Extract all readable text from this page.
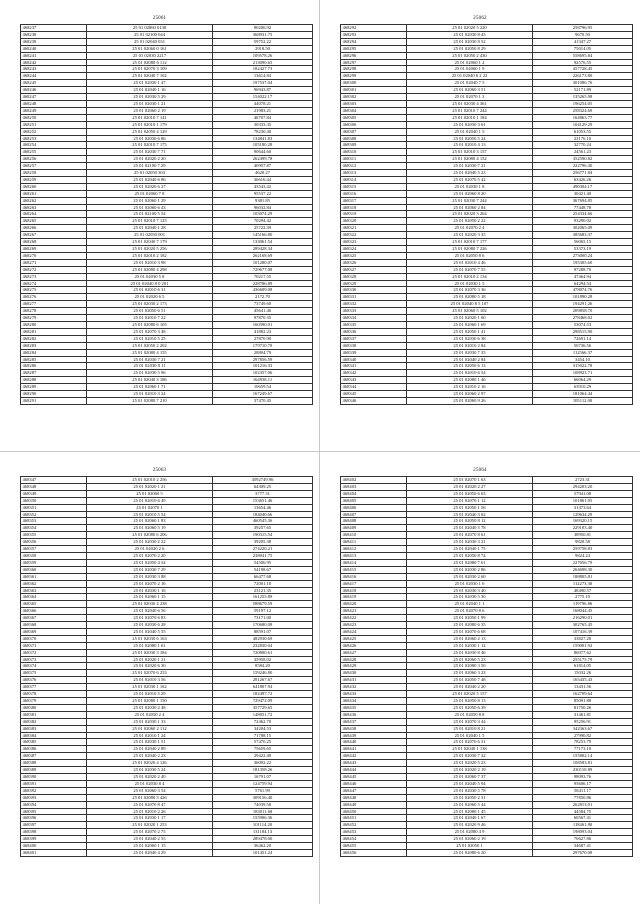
25061
468237	25 01 02060 0138	90206.92
468238	25 01 02100 044	368931.75
468239	25 01 02040 031	59752.22
468240	25 01 02060 0 161	2918.50
468241	25 01 02030 2217	109578.26
468242	25 01 02080 6 112	213090.65
468243	25 01 02070 3 109	182427.73
468244	25 01 02040 7 102	13614.84
468245	25 01 02030 1 47	197537.04
468246	25 01 02040 1 16	96943.87
468247	25 01 02030 5 29	154022.17
468248	25 01 02030 1 21	44078.21
468249	25 01 02060 2 19	21983.21
468250	25 01 02010 7 141	46707.84
468251	25 01 02010 1 179	30333.35
468252	25 01 02050 4 129	78230.40
468253	25 01 02030 6 86	134841.83
468254	25 01 02010 7 175	105180.28
468255	25 01 02030 7 71	90644.60
468256	25 01 02020 2 20	262499.78
468257	25 01 02100 7 29	40957.87
468258	25 01 02050 303	4620.27
468259	25 01 02040 6 86	36616.44
468260	25 01 02020 6 27	43543.42
468261	25 01 02060 7 8	95537.22
468262	25 01 02060 1 29	9381.85
468263	25 01 02060 6 43	96032.84
468264	25 01 02100 5 54	103074.29
468265	25 01 02010 7 125	70294.42
468266	25 01 02040 1 28	25722.39
468267	25 01 02050 001	145166.80
468268	25 01 02040 7 179	133061.54
468269	25 01 02020 5 256	289428.34
468270	25 01 02010 2 182	262168.69
468271	25 01 02010 3 98	101280.07
468272	25 01 02080 4 298	729677.08
468273	25 01 02030 5 8	70217.55
468274	25 01 02040 8 0 201	228786.89
468275	25 01 02010 6 31	436609.08
468276	25 01 02020 6 5	2172.70
468277	25 01 02030 2 173	73749.60
468278	25 01 02050 6 51	45641.46
468279	25 01 02010 7 22	97870.35
468280	25 01 02080 6 105	160390.01
468281	25 01 02070 3 48	41882.23
468282	25 01 02010 5 25	27870.90
468283	25 01 02050 2 202	179710.79
468284	25 01 02080 4 155	28804.79
468285	25 01 02030 7 21	297856.59
468286	25 01 02030 8 11	101216.33
468287	25 01 02030 5 96	102357.06
468288	25 01 02040 3 186	164938.11
468289	25 01 02060 1 71	10659.54
468290	25 01 02010 3 24	167249.67
468291	25 01 02080 7 210	37470.45
25062
468292	25 01 02020 5 220	258796.95
468293	25 01 02030 8 45	9670.50
468294	25 01 02030 8 52	41347.27
468295	25 01 02050 8 29	75014.05
468296	25 01 02050 2 430	558695.84
468297	25 01 02060 1 2	92576.55
468298	25 01 02060 1 9	457728.45
468299	25 01 02040 6 2 22	226173.80
468300	25 01 02040 7 5	301086.76
468301	25 01 02060 3 51	52171.89
468302	25 01 02070 1 3	135265.98
468303	25 01 02030 4 361	196254.05
468304	25 01 02010 7 244	258324.69
468305	25 01 02010 1 184	164863.77
468306	25 01 02030 3 61	104129.29
468307	25 01 02040 1 5	61053.55
468308	25 01 02050 5 24	23176.10
468309	25 01 02010 4 13	32770.24
468310	25 01 02010 3 157	24561.23
468311	25 01 02080 4 152	352590.82
468312	25 01 02030 7 21	222796.30
468313	25 01 02040 5 23	256771.84
468314	25 01 02070 5 42	63426.26
468315	25 01 02030 1 8	490304.17
468316	25 01 02060 8 20	30421.40
468317	25 01 02030 7 244	367694.85
468318	25 01 02060 2 84	77448.78
468319	25 01 02020 3 264	254334.66
468320	25 01 02050 2 22	93290.02
468321	25 01 02070 2 4	302065.09
468322	25 01 02020 3 35	385683.37
468323	25 01 02010 7 177	56065.15
468324	25 01 02080 7 226	53373.19
468325	25 01 02050 8 6	273000.24
468326	25 01 02010 4 46	195305.60
468327	25 01 02070 7 55	97288.79
468328	25 01 02010 2 134	47464.94
468329	25 01 02030 1 5	64294.54
468330	25 01 02070 3 36	478074.76
468331	25 01 02080 5 18	101890.28
468332	25 01 02040 8 5 107	194291.26
468333	25 01 02060 5 102	209858.70
468334	25 01 02020 1 60	278468.02
468335	25 01 02060 1 69	53074.53
468336	25 01 02050 1 41	298515.90
468337	25 01 02030 6 38	72691.14
468338	25 01 02010 2 84	50736.56
468339	25 01 02030 7 35	112566.37
468340	25 01 02040 2 84	3454.10
468341	25 01 02050 6 13	315022.78
468342	25 01 02010 6 54	108923.71
468343	25 01 02080 1 46	66064.29
468344	25 01 02010 2 16	63910.29
468345	25 01 02060 2 97	181064.44
468346	25 01 02060 9 26	105112.00
25063
468347	25 01 02010 2 256	4592749.96
468348	25 01 02020 1 21	64309.25
468349	25 01 02060 5	3777.31
468350	25 01 02010 6 49	153651.46
468351	25 01 02070 1	13654.46
468352	25 01 02010 5 54	184040.66
468353	25 01 02060 1 83	460545.36
468354	25 01 02060 5 19	39257.65
468355	25 01 02080 6 206	190315.54
468356	25 01 02030 2 22	39205.38
468357	25 01 02020 2 6	274220.21
468358	25 01 02070 2 20	238041.75
468359	25 01 02050 4 54	54506.95
468360	25 01 02030 7 29	54198.67
468361	25 01 02030 3 88	66477.68
468362	25 01 02070 2 16	72001.10
468363	25 01 02030 1 16	23121.35
468364	25 01 02060 1 15	161255.89
468365	25 01 02030 4 238	588679.59
468366	25 01 02040 6 56	59197.12
468367	25 01 02070 6 83	73171.00
468368	25 01 02030 6 28	170680.08
468369	25 01 02040 5 55	88591.07
468370	25 01 02030 6 163	482930.69
468371	25 01 02080 1 61	232830.04
468372	25 01 02030 3 184	720800.61
468373	25 01 02020 1 21	35958.02
468374	25 01 02020 6 30	8584.20
468375	25 01 02070 6 253	159246.80
468376	25 01 02010 3 56	281267.67
468377	25 01 02030 1 162	641807.94
468378	25 01 02010 5 29	182497.72
468379	25 01 02080 1 150	729472.09
468380	25 01 02030 2 48	357729.65
468381	25 01 02050 2 4	148051.72
468382	25 01 02030 1 33	72462.70
468383	25 01 02060 2 112	34204.53
468384	25 01 02010 1 24	71788.15
468385	25 01 02030 1 51	57470.25
468386	25 01 02040 2 89	75659.65
468387	25 01 02040 2 23	29422.49
468388	25 01 02020 4 126	36092.22
468389	25 01 02030 5 24	181358.26
468390	25 01 02020 2 40	16791.07
468391	25 01 02030 8 4	124759.94
468392	25 01 02060 3 54	5761.99
468393	25 01 02080 5 426	309156.40
468394	25 01 02070 8 47	74039.50
468395	25 01 02010 2 26	183011.68
468396	25 01 02030 1 17	155906.36
468397	25 01 02020 1 253	101114.20
468398	25 01 02070 2 75	131184.13
468399	25 01 02040 2 55	289478.00
468400	25 01 02060 1 15	36462.20
468401	25 01 02040 4 29	101451.24
25064
468402	25 01 02070 1 63	2723.31
468403	25 01 02020 2 27	294203.20
468404	25 01 02050 6 63	57941.08
468405	25 01 02070 1 12	101861.05
468406	25 01 02050 1 56	31473.64
468407	25 01 02040 3 62	129634.29
468408	25 01 02050 8 12	169320.15
468409	25 01 02040 5 78	229103.40
468410	25 01 02070 8 61	38950.81
468411	25 01 02030 3 21	9820.58
468412	25 01 02040 1 75	259758.83
468413	25 01 02050 8 74	9824.24
468414	25 01 02080 7 61	227056.79
468415	25 01 02030 2 86	264698.30
468416	25 01 02030 2 60	188805.81
468417	25 01 02030 1 6	112273.30
468418	25 01 02030 3 40	48490.57
468419	25 01 02030 5 30	2775.19
468420	25 01 02040 1 1	119796.86
468421	25 01 02070 8 6	168044.45
468422	25 01 02050 1 99	216290.01
468423	25 01 02080 6 35	302765.45
468424	25 01 02070 6 68	107416.39
468425	25 01 02060 2 13	33827.28
468426	25 01 02030 1 12	159001.92
468427	25 01 02030 8 46	86977.62
468428	25 01 02060 5 23	255175.79
468429	25 01 02080 3 50	61814.05
468430	25 01 02060 3 23	15032.26
468431	25 01 02050 7 48	165435.43
468432	25 01 02040 2 20	13431.56
468433	25 01 02020 5 157	162709.64
468434	25 01 02050 8 13	85091.88
468435	25 01 02050 6 39	81750.26
468436	25 01 02050 8 8	31461.81
468437	25 01 02070 3 44	95256.91
468438	25 01 02010 8 21	342363.67
468439	25 01 02040 1 5	27990.82
468440	25 01 02070 6 31	78253.79
468441	25 01 02040 1 138	77173.10
468442	25 01 02030 7 32	155802.14
468443	25 01 02020 5 23	108583.81
468444	25 01 02020 2 19	230110.89
468445	25 01 02060 7 37	98093.76
468446	25 01 02040 5 94	95606.17
468447	25 01 02030 5 78	58411.17
468448	25 01 02050 2 31	77850.86
468449	25 01 02060 5 44	262813.01
468450	25 01 02080 1 45	44584.75
468451	25 01 02040 1 67	60567.41
468452	25 01 02020 9 46	118461.80
468453	25 01 02080 4 9	198093.04
468454	25 01 02060 2 19	70627.86
468455	25 01 02050 1	34687.41
468456	25 01 02080 6 20	297670.08
